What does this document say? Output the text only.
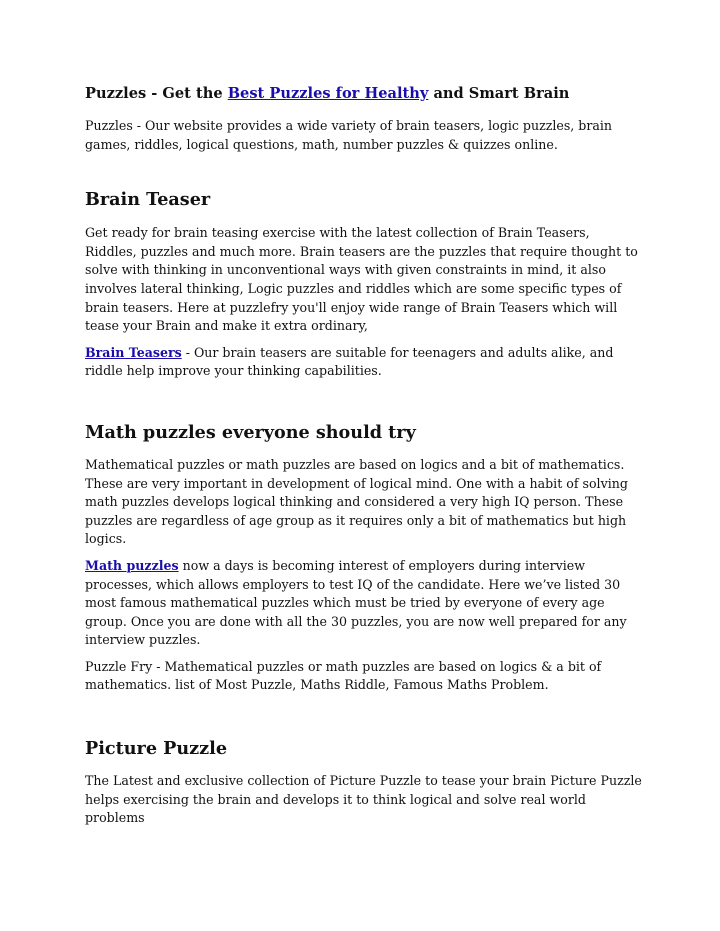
Puzzles - Get the Best Puzzles for Healthy and Smart Brain

Puzzles - Our website provides a wide variety of brain teasers, logic puzzles, brain games, riddles, logical questions, math, number puzzles & quizzes online.

Brain Teaser

Get ready for brain teasing exercise with the latest collection of Brain Teasers, Riddles, puzzles and much more. Brain teasers are the puzzles that require thought to solve with thinking in unconventional ways with given constraints in mind, it also involves lateral thinking, Logic puzzles and riddles which are some specific types of brain teasers. Here at puzzlefry you'll enjoy wide range of Brain Teasers which will tease your Brain and make it extra ordinary,

Brain Teasers - Our brain teasers are suitable for teenagers and adults alike, and riddle help improve your thinking capabilities.

Math puzzles everyone should try

Mathematical puzzles or math puzzles are based on logics and a bit of mathematics. These are very important in development of logical mind. One with a habit of solving math puzzles develops logical thinking and considered a very high IQ person. These puzzles are regardless of age group as it requires only a bit of mathematics but high logics.

Math puzzles now a days is becoming interest of employers during interview processes, which allows employers to test IQ of the candidate. Here we’ve listed 30 most famous mathematical puzzles which must be tried by everyone of every age group. Once you are done with all the 30 puzzles, you are now well prepared for any interview puzzles.

Puzzle Fry - Mathematical puzzles or math puzzles are based on logics & a bit of mathematics. list of Most Puzzle, Maths Riddle, Famous Maths Problem.

Picture Puzzle

The Latest and exclusive collection of Picture Puzzle to tease your brain Picture Puzzle helps exercising the brain and develops it to think logical and solve real world problems
